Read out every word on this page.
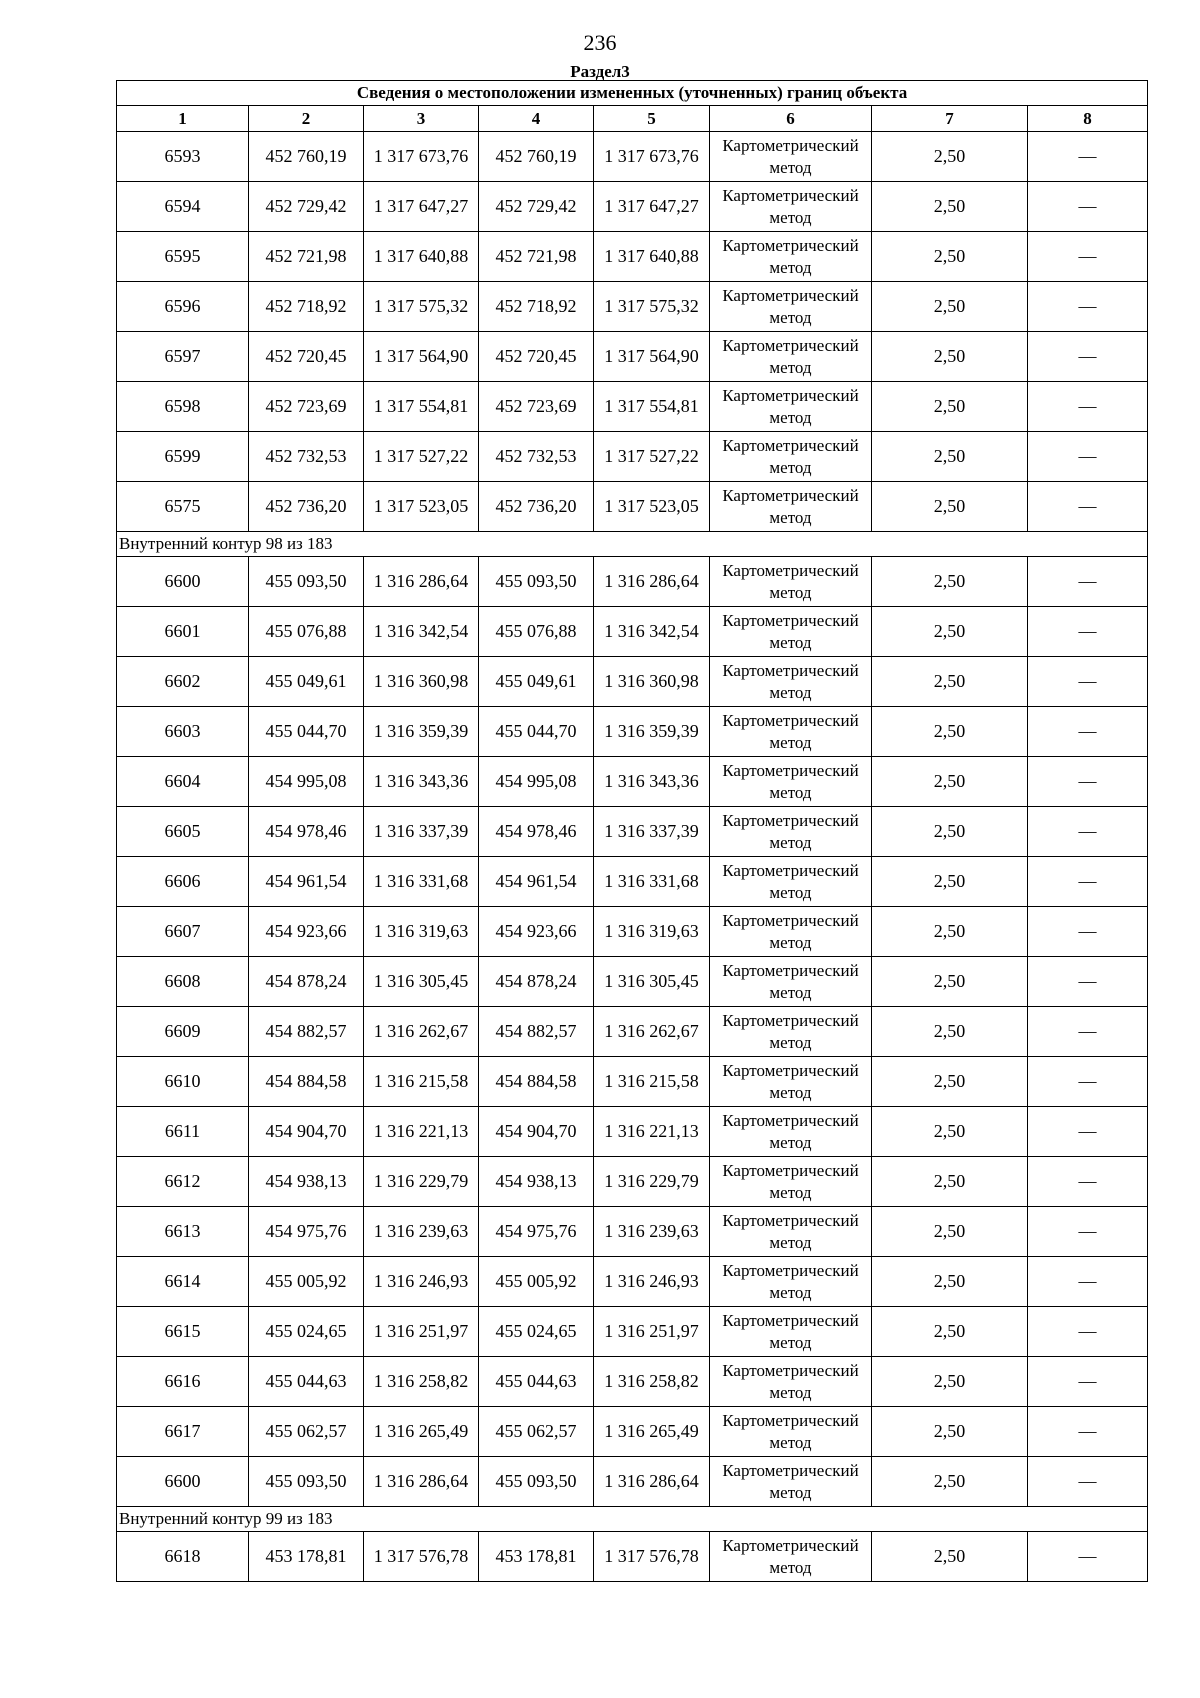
236
Раздел3
Сведения о местоположении измененных (уточненных) границ объекта							
1	2	3	4	5	6	7	8
6593	452 760,19	1 317 673,76	452 760,19	1 317 673,76	Картометрический метод	2,50	—
6594	452 729,42	1 317 647,27	452 729,42	1 317 647,27	Картометрический метод	2,50	—
6595	452 721,98	1 317 640,88	452 721,98	1 317 640,88	Картометрический метод	2,50	—
6596	452 718,92	1 317 575,32	452 718,92	1 317 575,32	Картометрический метод	2,50	—
6597	452 720,45	1 317 564,90	452 720,45	1 317 564,90	Картометрический метод	2,50	—
6598	452 723,69	1 317 554,81	452 723,69	1 317 554,81	Картометрический метод	2,50	—
6599	452 732,53	1 317 527,22	452 732,53	1 317 527,22	Картометрический метод	2,50	—
6575	452 736,20	1 317 523,05	452 736,20	1 317 523,05	Картометрический метод	2,50	—
Внутренний контур 98 из 183							
6600	455 093,50	1 316 286,64	455 093,50	1 316 286,64	Картометрический метод	2,50	—
6601	455 076,88	1 316 342,54	455 076,88	1 316 342,54	Картометрический метод	2,50	—
6602	455 049,61	1 316 360,98	455 049,61	1 316 360,98	Картометрический метод	2,50	—
6603	455 044,70	1 316 359,39	455 044,70	1 316 359,39	Картометрический метод	2,50	—
6604	454 995,08	1 316 343,36	454 995,08	1 316 343,36	Картометрический метод	2,50	—
6605	454 978,46	1 316 337,39	454 978,46	1 316 337,39	Картометрический метод	2,50	—
6606	454 961,54	1 316 331,68	454 961,54	1 316 331,68	Картометрический метод	2,50	—
6607	454 923,66	1 316 319,63	454 923,66	1 316 319,63	Картометрический метод	2,50	—
6608	454 878,24	1 316 305,45	454 878,24	1 316 305,45	Картометрический метод	2,50	—
6609	454 882,57	1 316 262,67	454 882,57	1 316 262,67	Картометрический метод	2,50	—
6610	454 884,58	1 316 215,58	454 884,58	1 316 215,58	Картометрический метод	2,50	—
6611	454 904,70	1 316 221,13	454 904,70	1 316 221,13	Картометрический метод	2,50	—
6612	454 938,13	1 316 229,79	454 938,13	1 316 229,79	Картометрический метод	2,50	—
6613	454 975,76	1 316 239,63	454 975,76	1 316 239,63	Картометрический метод	2,50	—
6614	455 005,92	1 316 246,93	455 005,92	1 316 246,93	Картометрический метод	2,50	—
6615	455 024,65	1 316 251,97	455 024,65	1 316 251,97	Картометрический метод	2,50	—
6616	455 044,63	1 316 258,82	455 044,63	1 316 258,82	Картометрический метод	2,50	—
6617	455 062,57	1 316 265,49	455 062,57	1 316 265,49	Картометрический метод	2,50	—
6600	455 093,50	1 316 286,64	455 093,50	1 316 286,64	Картометрический метод	2,50	—
Внутренний контур 99 из 183							
6618	453 178,81	1 317 576,78	453 178,81	1 317 576,78	Картометрический метод	2,50	—
